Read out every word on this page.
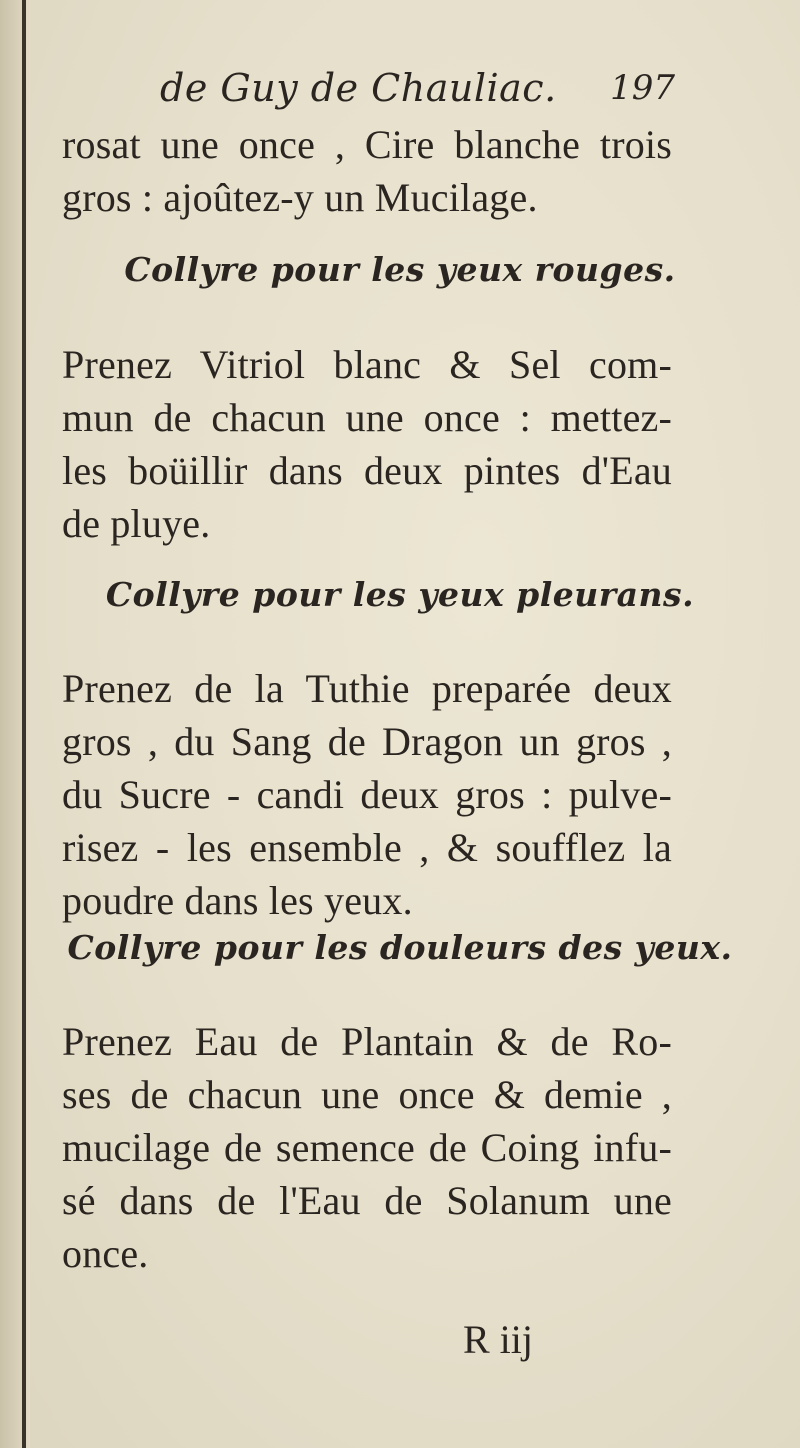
de Guy de Chauliac. 197
rosat une once , Cire blanche trois
gros : ajoûtez-y un Mucilage.
Collyre pour les yeux rouges.
Prenez Vitriol blanc & Sel com-
mun de chacun une once : mettez-
les boüillir dans deux pintes d'Eau
de pluye.
Collyre pour les yeux pleurans.
Prenez de la Tuthie preparée deux
gros , du Sang de Dragon un gros ,
du Sucre - candi deux gros : pulve-
risez - les ensemble , & soufflez la
poudre dans les yeux.
Collyre pour les douleurs des yeux.
Prenez Eau de Plantain & de Ro-
ses de chacun une once & demie ,
mucilage de semence de Coing infu-
sé dans de l'Eau de Solanum une
once.
R iij
